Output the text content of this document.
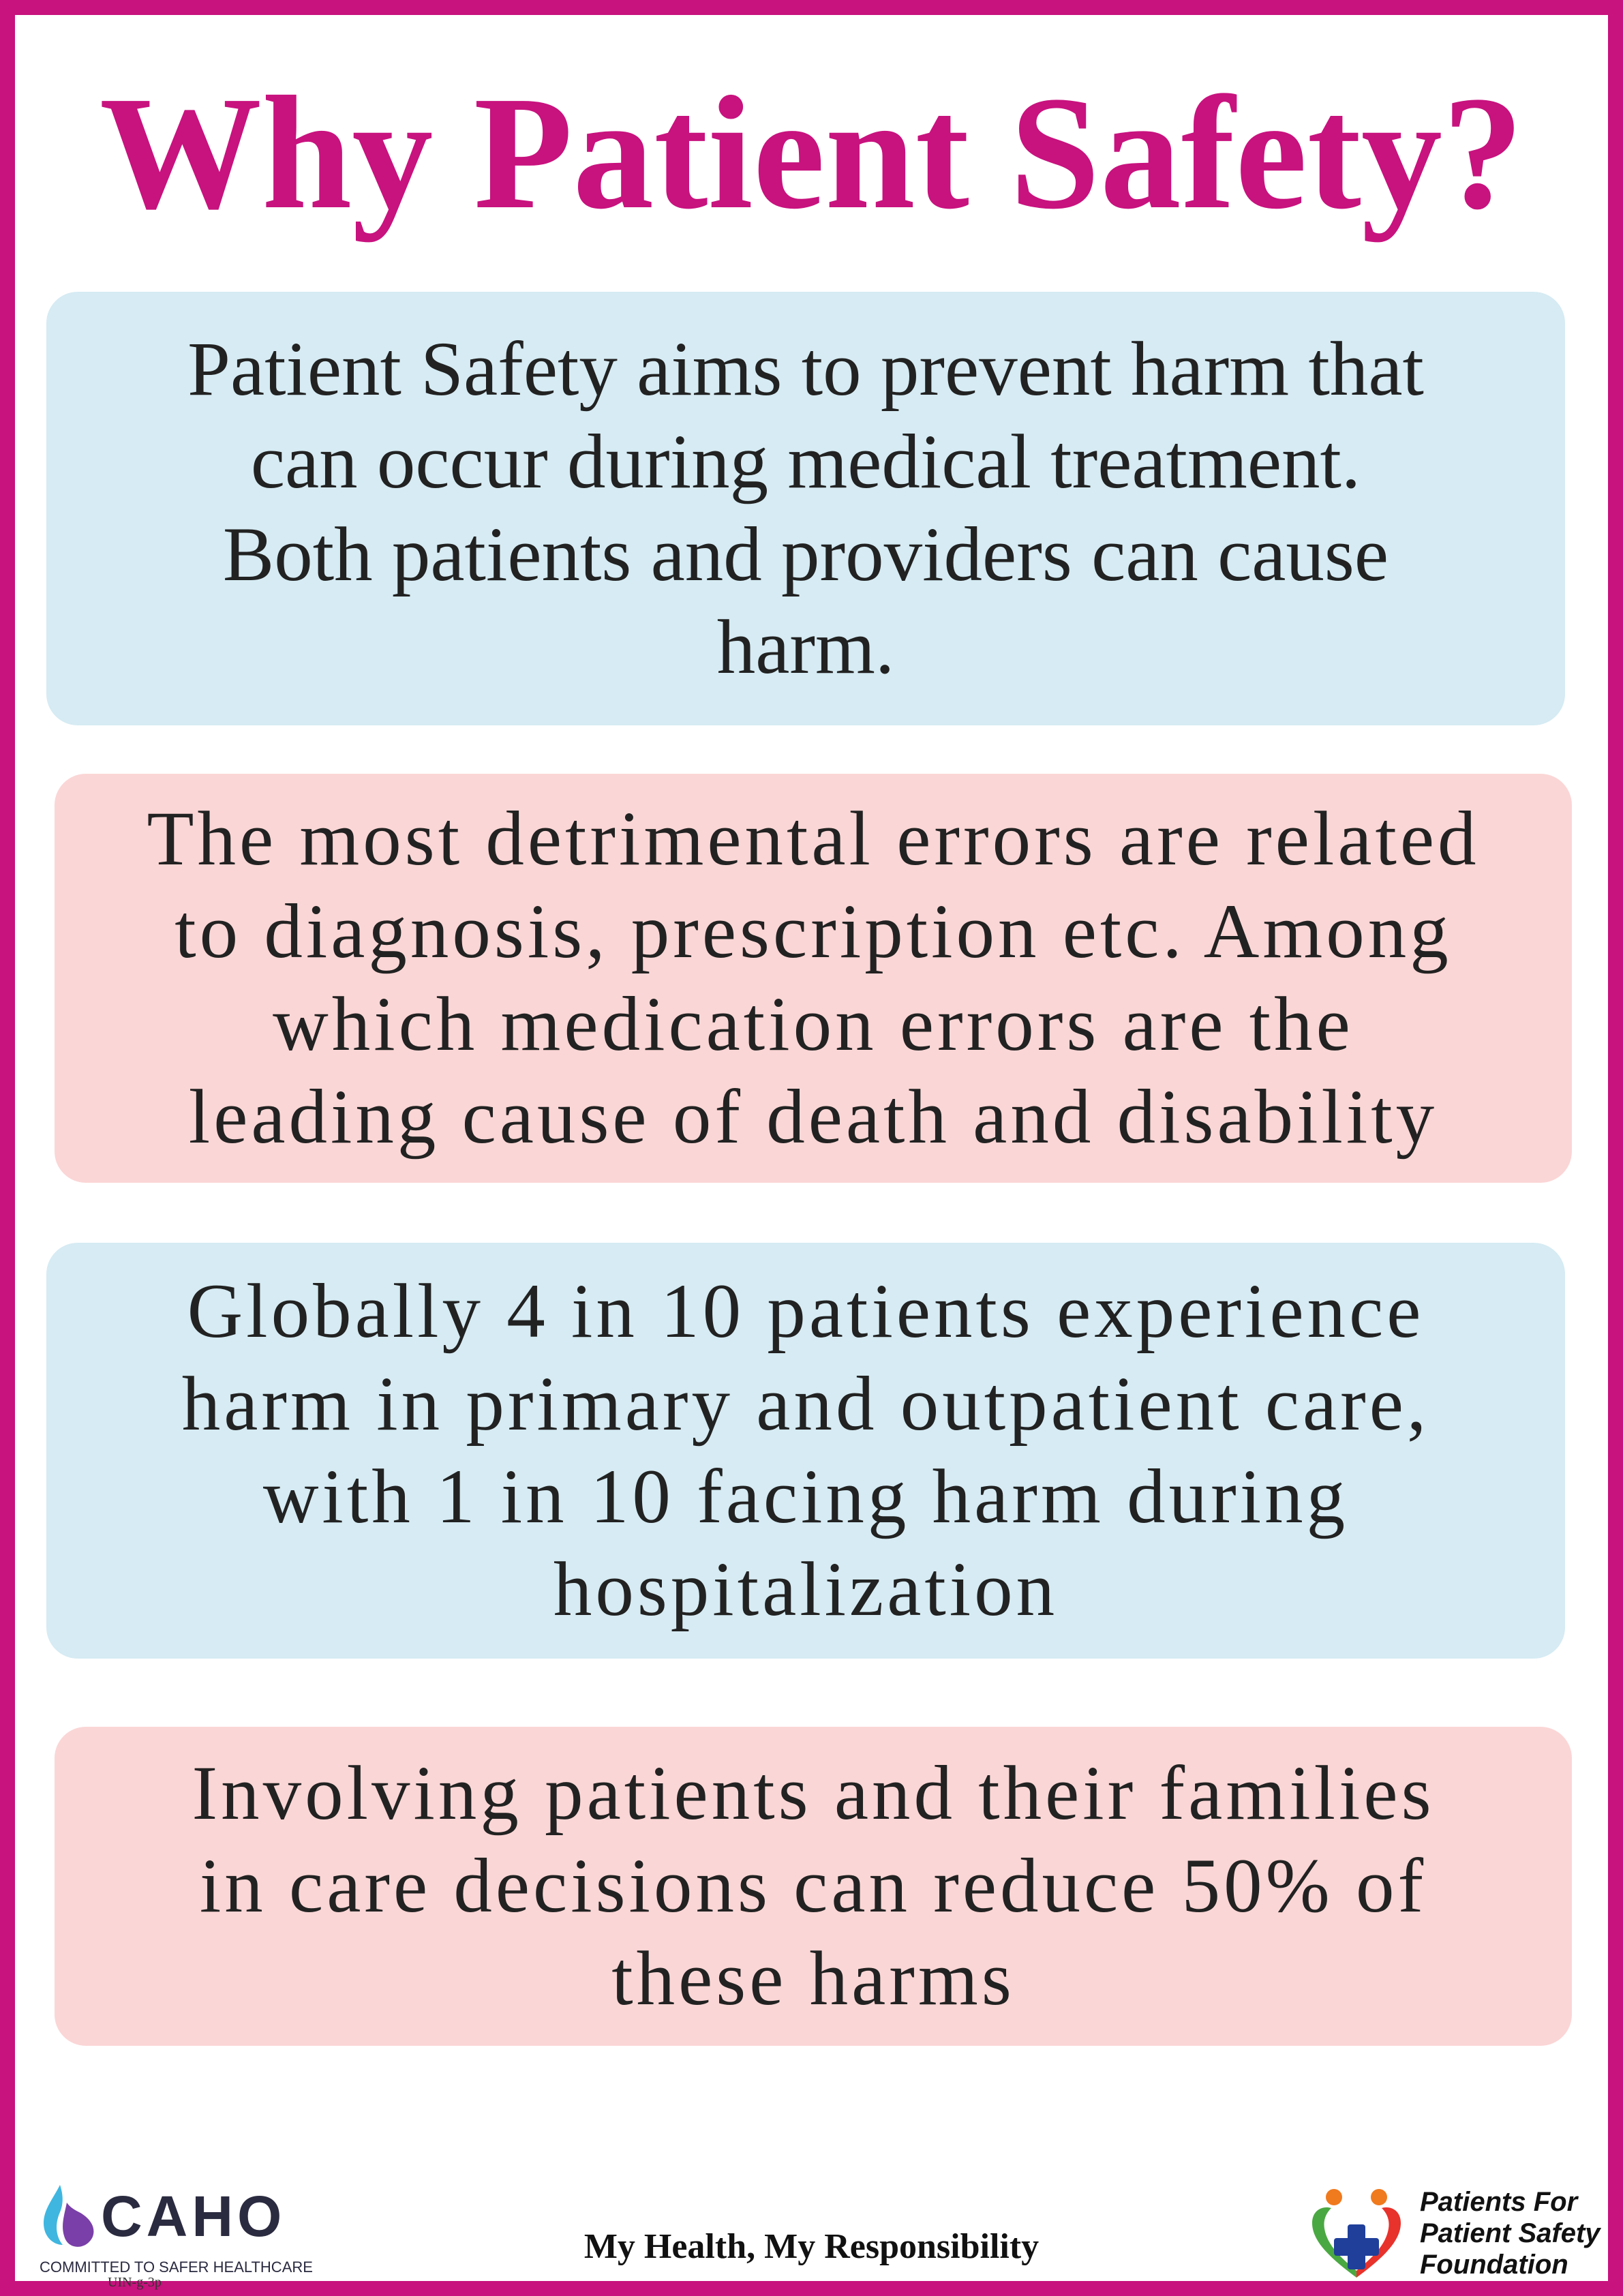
Why Patient Safety?

Patient Safety aims to prevent harm that
can occur during medical treatment.
Both patients and providers can cause
harm.

The most detrimental errors are related
to diagnosis, prescription etc. Among
which medication errors are the
leading cause of death and disability

Globally 4 in 10 patients experience
harm in primary and outpatient care,
with 1 in 10 facing harm during
hospitalization

Involving patients and their families
in care decisions can reduce 50% of
these harms

CAHO
COMMITTED TO SAFER HEALTHCARE
UIN-g-3p
My Health, My Responsibility
Patients For
Patient Safety
Foundation
